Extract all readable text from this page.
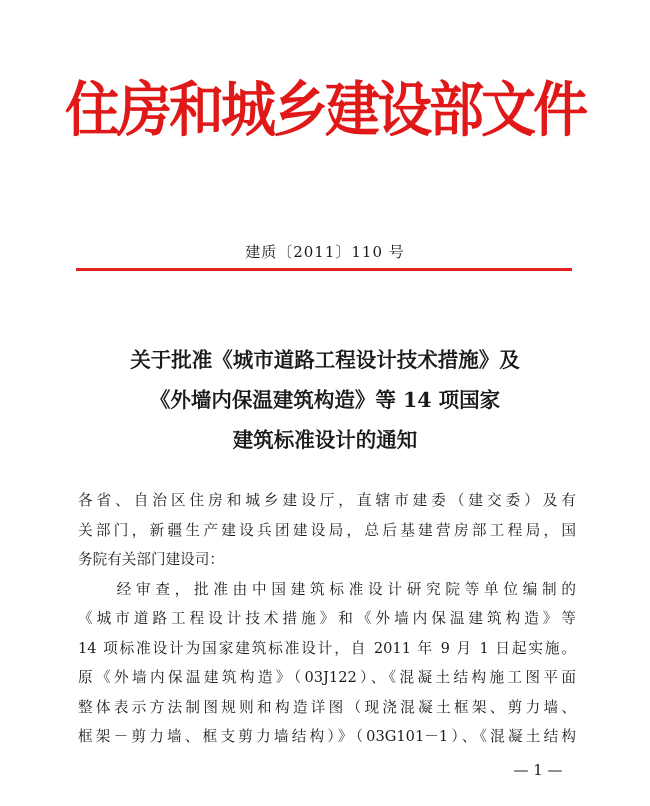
住房和城乡建设部文件
建质〔2011〕110 号
关于批准《城市道路工程设计技术措施》及
《外墙内保温建筑构造》等 14 项国家
建筑标准设计的通知
各省、自治区住房和城乡建设厅，直辖市建委（建交委）及有
关部门，新疆生产建设兵团建设局，总后基建营房部工程局，国
务院有关部门建设司：
　　经审查，批准由中国建筑标准设计研究院等单位编制的
《城市道路工程设计技术措施》和《外墙内保温建筑构造》等
14 项标准设计为国家建筑标准设计，自 2011 年 9 月 1 日起实施。
原《外墙内保温建筑构造》（03J122）、《混凝土结构施工图平面
整体表示方法制图规则和构造详图（现浇混凝土框架、剪力墙、
框架－剪力墙、框支剪力墙结构）》（03G101－1）、《混凝土结构
— 1 —
